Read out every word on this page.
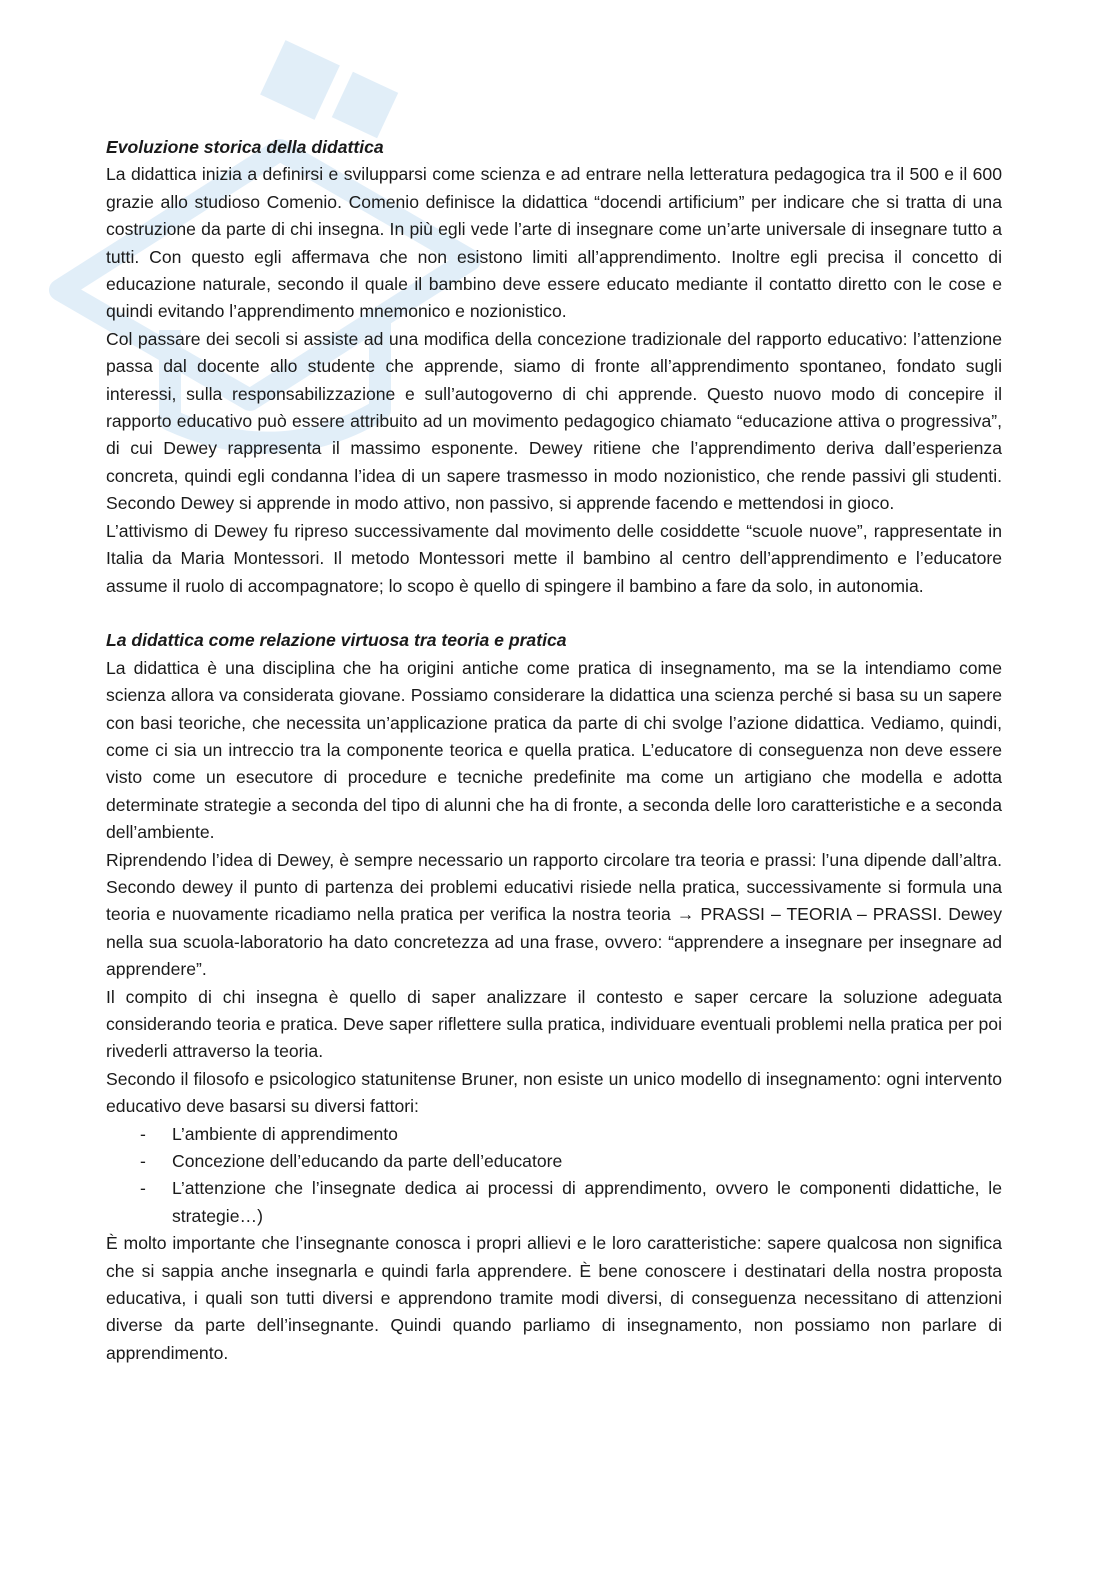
Evoluzione storica della didattica

La didattica inizia a definirsi e svilupparsi come scienza e ad entrare nella letteratura pedagogica tra il 500 e il 600 grazie allo studioso Comenio. Comenio definisce la didattica “docendi artificium” per indicare che si tratta di una costruzione da parte di chi insegna. In più egli vede l’arte di insegnare come un’arte universale di insegnare tutto a tutti. Con questo egli affermava che non esistono limiti all’apprendimento. Inoltre egli precisa il concetto di educazione naturale, secondo il quale il bambino deve essere educato mediante il contatto diretto con le cose e quindi evitando l’apprendimento mnemonico e nozionistico.

Col passare dei secoli si assiste ad una modifica della concezione tradizionale del rapporto educativo: l’attenzione passa dal docente allo studente che apprende, siamo di fronte all’apprendimento spontaneo, fondato sugli interessi, sulla responsabilizzazione e sull’autogoverno di chi apprende. Questo nuovo modo di concepire il rapporto educativo può essere attribuito ad un movimento pedagogico chiamato “educazione attiva o progressiva”, di cui Dewey rappresenta il massimo esponente. Dewey ritiene che l’apprendimento deriva dall’esperienza concreta, quindi egli condanna l’idea di un sapere trasmesso in modo nozionistico, che rende passivi gli studenti. Secondo Dewey si apprende in modo attivo, non passivo, si apprende facendo e mettendosi in gioco.

L’attivismo di Dewey fu ripreso successivamente dal movimento delle cosiddette “scuole nuove”, rappresentate in Italia da Maria Montessori. Il metodo Montessori mette il bambino al centro dell’apprendimento e l’educatore assume il ruolo di accompagnatore; lo scopo è quello di spingere il bambino a fare da solo, in autonomia.

La didattica come relazione virtuosa tra teoria e pratica

La didattica è una disciplina che ha origini antiche come pratica di insegnamento, ma se la intendiamo come scienza allora va considerata giovane. Possiamo considerare la didattica una scienza perché si basa su un sapere con basi teoriche, che necessita un’applicazione pratica da parte di chi svolge l’azione didattica. Vediamo, quindi, come ci sia un intreccio tra la componente teorica e quella pratica. L’educatore di conseguenza non deve essere visto come un esecutore di procedure e tecniche predefinite ma come un artigiano che modella e adotta determinate strategie a seconda del tipo di alunni che ha di fronte, a seconda delle loro caratteristiche e a seconda dell’ambiente.

Riprendendo l’idea di Dewey, è sempre necessario un rapporto circolare tra teoria e prassi: l’una dipende dall’altra. Secondo dewey il punto di partenza dei problemi educativi risiede nella pratica, successivamente si formula una teoria e nuovamente ricadiamo nella pratica per verifica la nostra teoria → PRASSI – TEORIA – PRASSI. Dewey nella sua scuola-laboratorio ha dato concretezza ad una frase, ovvero: “apprendere a insegnare per insegnare ad apprendere”.

Il compito di chi insegna è quello di saper analizzare il contesto e saper cercare la soluzione adeguata considerando teoria e pratica. Deve saper riflettere sulla pratica, individuare eventuali problemi nella pratica per poi rivederli attraverso la teoria.

Secondo il filosofo e psicologico statunitense Bruner, non esiste un unico modello di insegnamento: ogni intervento educativo deve basarsi su diversi fattori:

- L’ambiente di apprendimento
- Concezione dell’educando da parte dell’educatore
- L’attenzione che l’insegnate dedica ai processi di apprendimento, ovvero le componenti didattiche, le strategie…)

È molto importante che l’insegnante conosca i propri allievi e le loro caratteristiche: sapere qualcosa non significa che si sappia anche insegnarla e quindi farla apprendere. È bene conoscere i destinatari della nostra proposta educativa, i quali son tutti diversi e apprendono tramite modi diversi, di conseguenza necessitano di attenzioni diverse da parte dell’insegnante. Quindi quando parliamo di insegnamento, non possiamo non parlare di apprendimento.
